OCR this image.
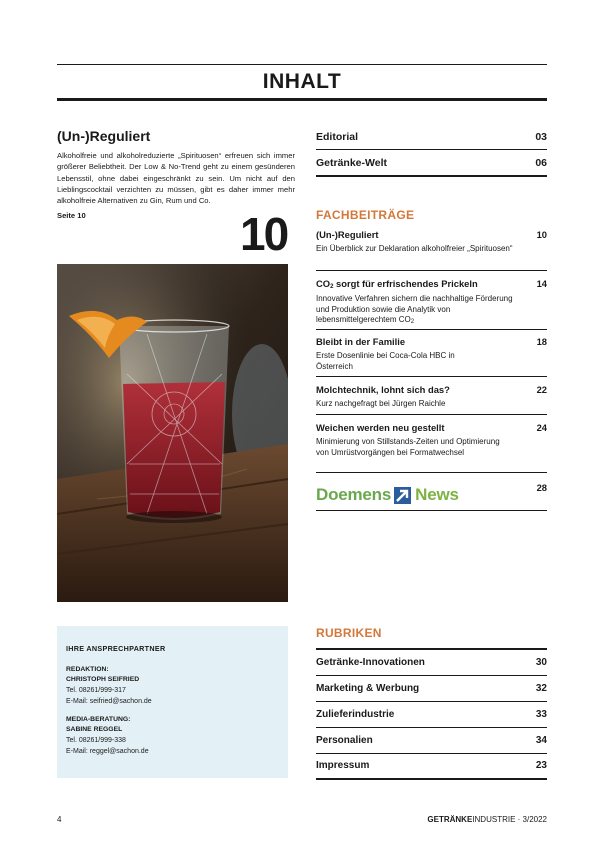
INHALT
(Un-)Reguliert
Alkoholfreie und alkoholreduzierte „Spirituosen“ erfreuen sich immer größerer Beliebtheit. Der Low & No-Trend geht zu einem gesünderen Lebensstil, ohne dabei eingeschränkt zu sein. Um nicht auf den Lieblingscocktail verzichten zu müssen, gibt es daher immer mehr alkoholfreie Alternativen zu Gin, Rum und Co.
Seite 10	10
IHRE ANSPRECHPARTNER
REDAKTION:
CHRISTOPH SEIFRIED
Tel. 08261/999-317
E-Mail: seifried@sachon.de
MEDIA-BERATUNG:
SABINE REGGEL
Tel. 08261/999-338
E-Mail: reggel@sachon.de
Editorial	03
Getränke-Welt	06
FACHBEITRÄGE
(Un-)Reguliert	10
Ein Überblick zur Deklaration alkoholfreier „Spirituosen“
$CO_2$ sorgt für erfrischendes Prickeln	14
Innovative Verfahren sichern die nachhaltige Förderung und Produktion sowie die Analytik von lebensmittelgerechtem $CO_2$
Bleibt in der Familie	18
Erste Dosenlinie bei Coca-Cola HBC in Österreich
Molchtechnik, lohnt sich das?	22
Kurz nachgefragt bei Jürgen Raichle
Weichen werden neu gestellt	24
Minimierung von Stillstands-Zeiten und Optimierung von Umrüstvorgängen bei Formatwechsel
Doemens News	28
RUBRIKEN
Getränke-Innovationen	30
Marketing & Werbung	32
Zulieferindustrie	33
Personalien	34
Impressum	23
4	GETRÄNKEINDUSTRIE · 3/2022
